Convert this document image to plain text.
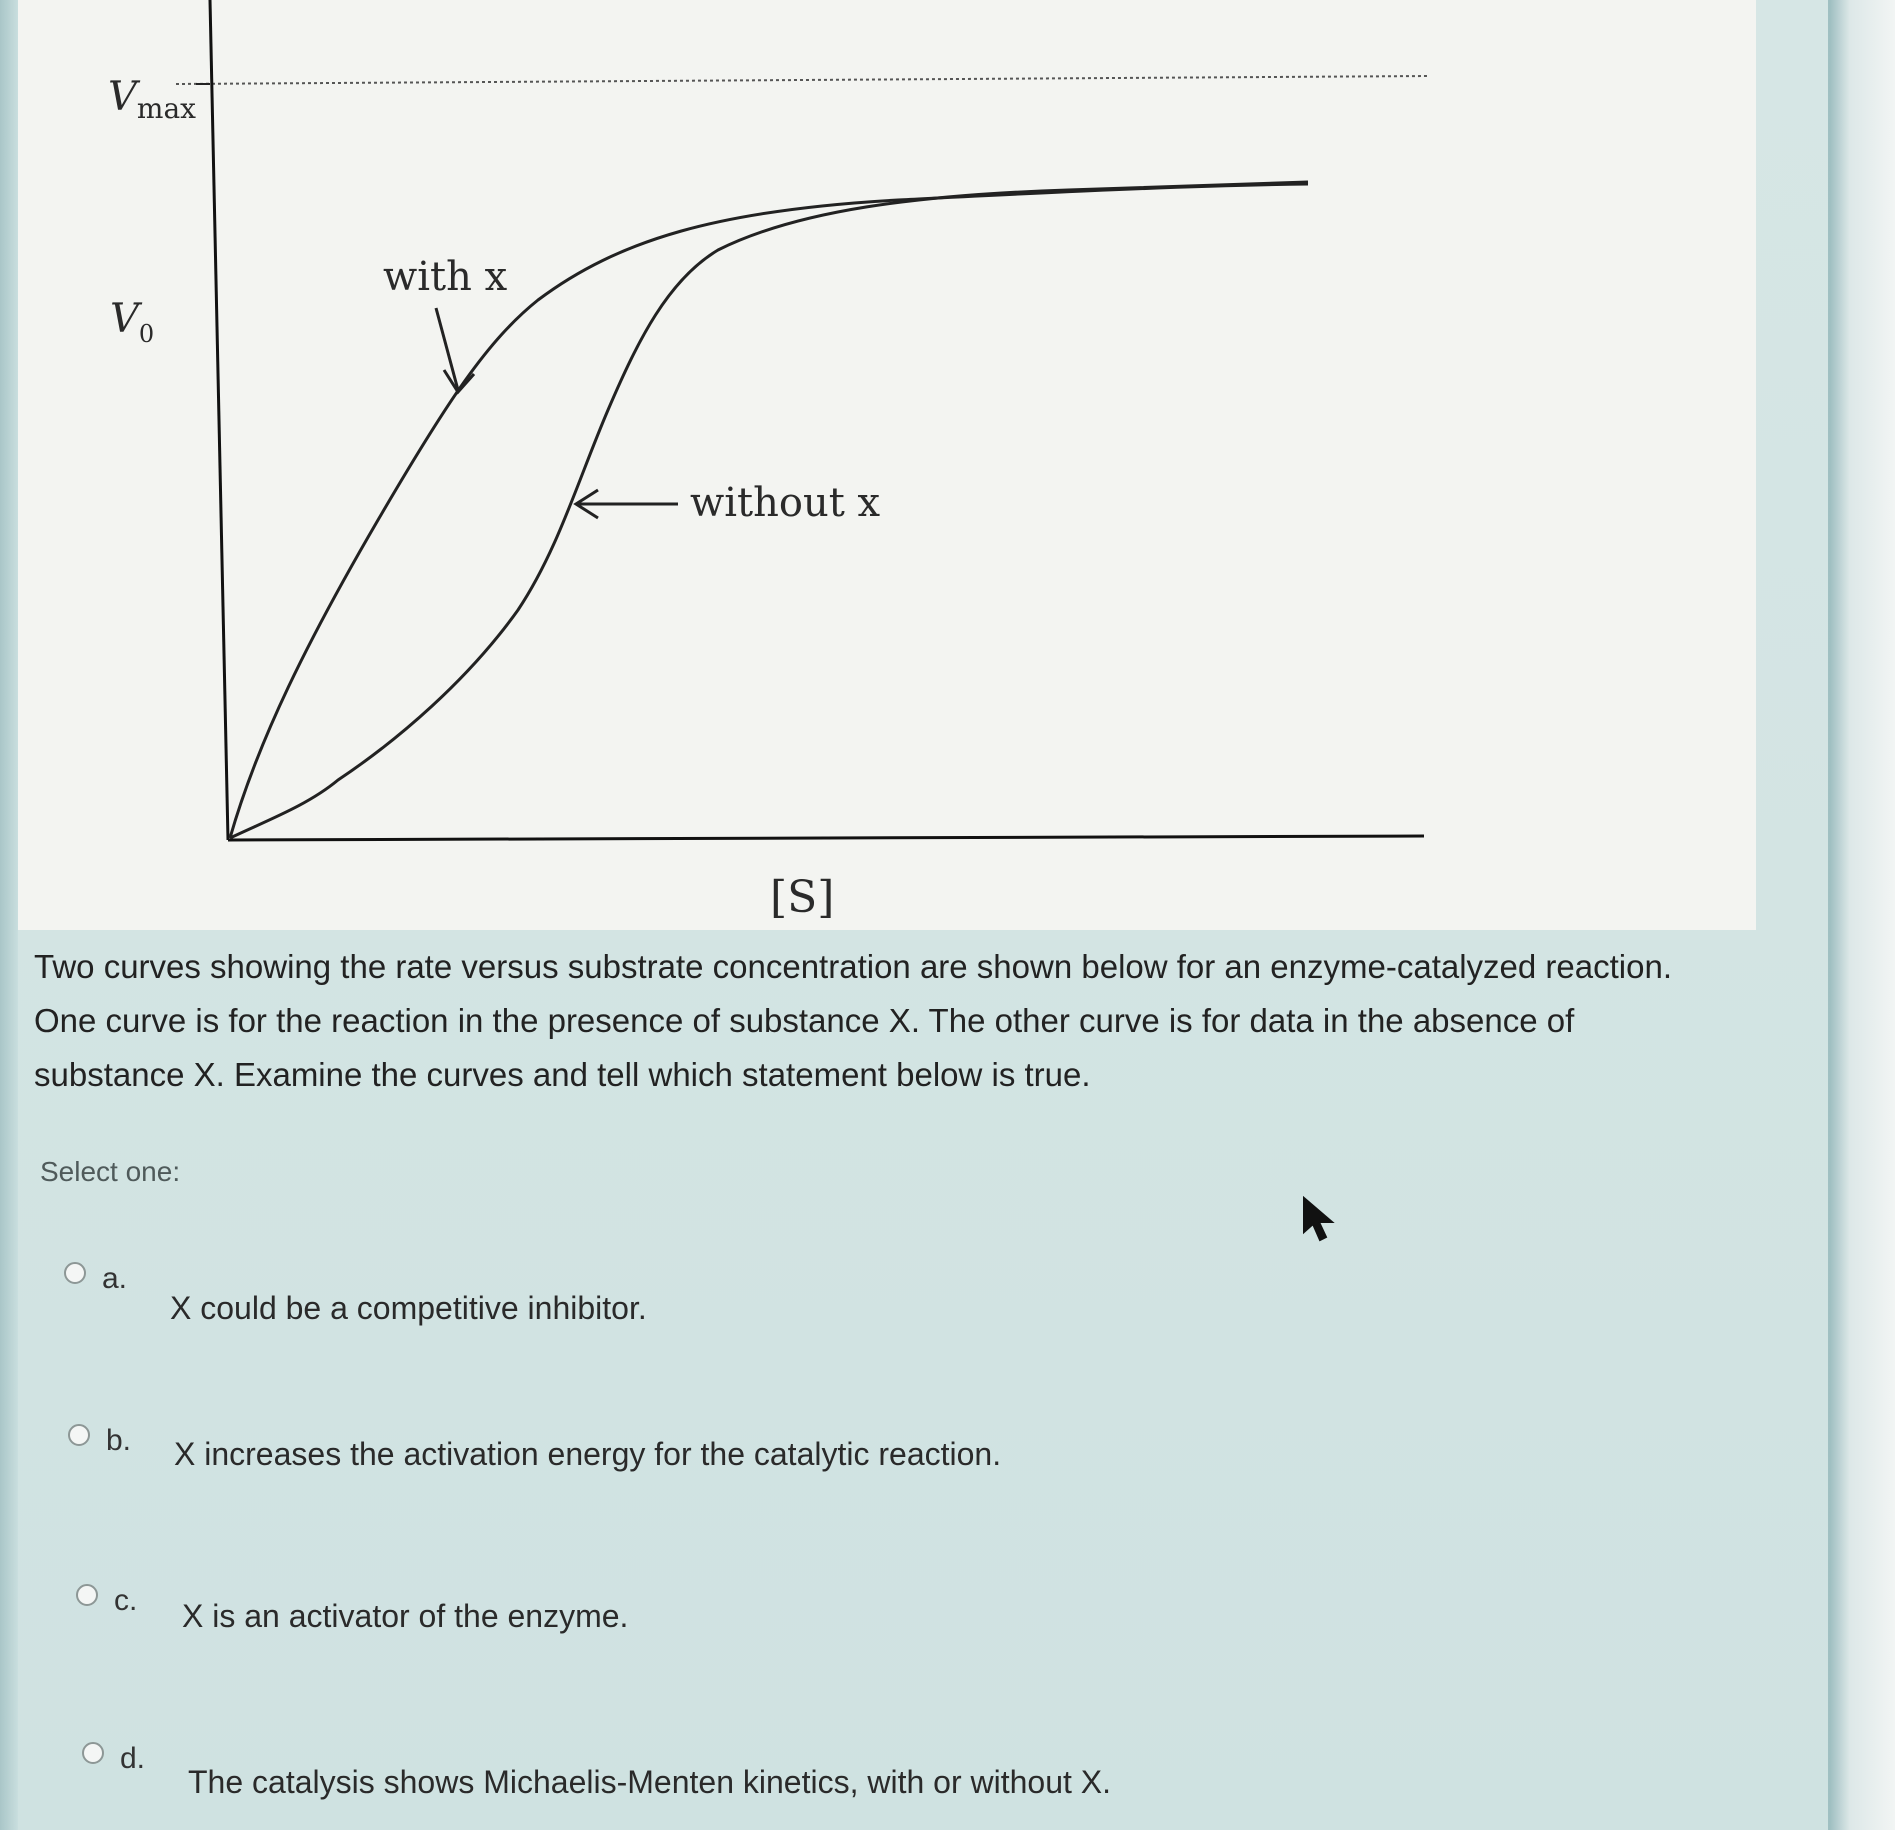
$V_{max}$
$V_0$
with x
without x
[S]

Two curves showing the rate versus substrate concentration are shown below for an enzyme-catalyzed reaction. One curve is for the reaction in the presence of substance X. The other curve is for data in the absence of substance X. Examine the curves and tell which statement below is true.

Select one:
a.
X could be a competitive inhibitor.
b.	X increases the activation energy for the catalytic reaction.
c.	X is an activator of the enzyme.
d.
The catalysis shows Michaelis-Menten kinetics, with or without X.
